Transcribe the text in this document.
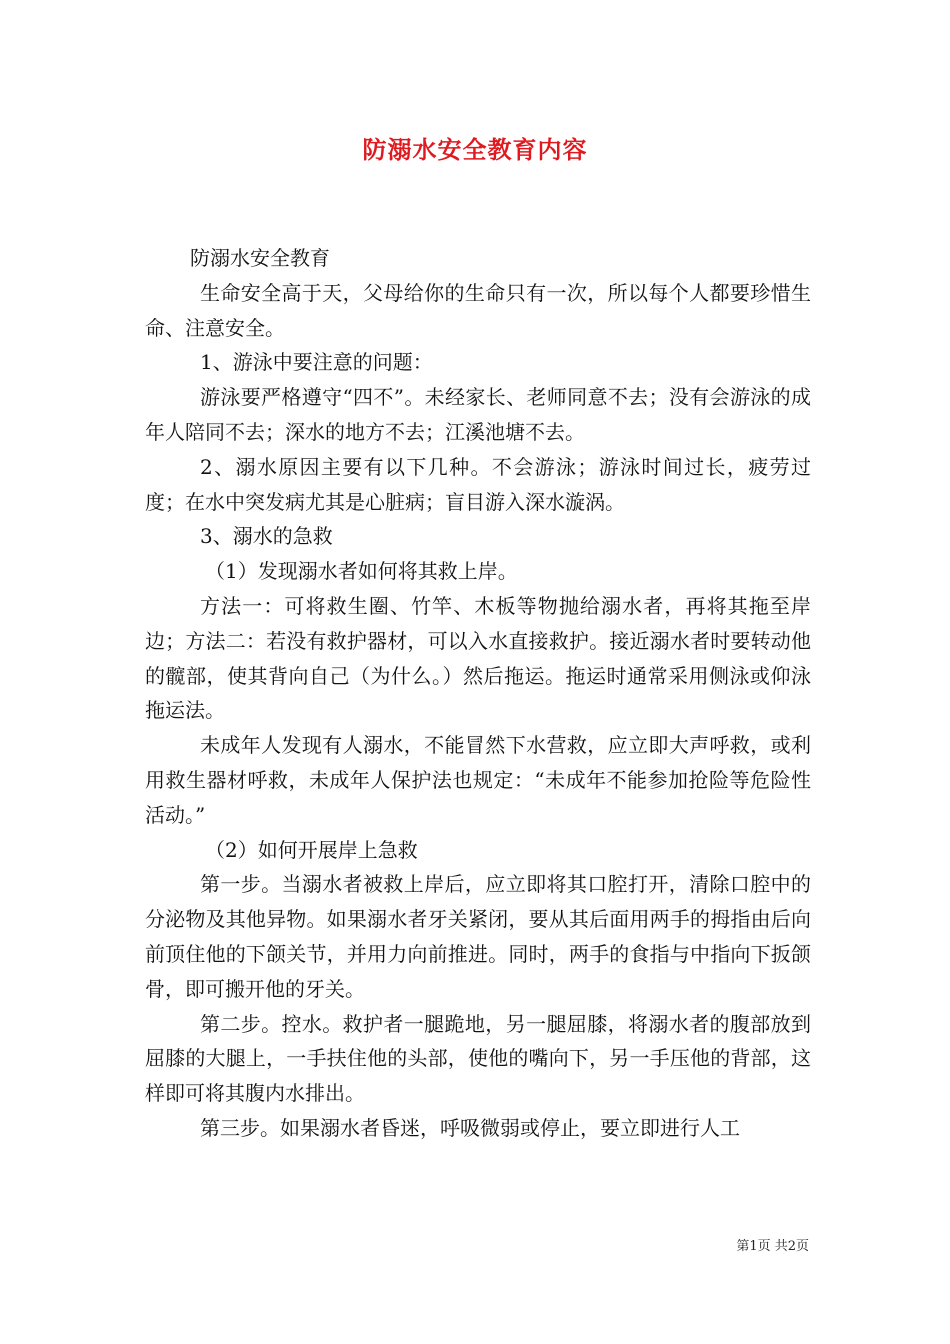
防溺水安全教育内容

防溺水安全教育

生命安全高于天，父母给你的生命只有一次，所以每个人都要珍惜生命、注意安全。

1、游泳中要注意的问题：

游泳要严格遵守“四不”。未经家长、老师同意不去；没有会游泳的成年人陪同不去；深水的地方不去；江溪池塘不去。

2、溺水原因主要有以下几种。不会游泳；游泳时间过长，疲劳过度；在水中突发病尤其是心脏病；盲目游入深水漩涡。

3、溺水的急救

（1）发现溺水者如何将其救上岸。

方法一：可将救生圈、竹竿、木板等物抛给溺水者，再将其拖至岸边；方法二：若没有救护器材，可以入水直接救护。接近溺水者时要转动他的髋部，使其背向自己（为什么。）然后拖运。拖运时通常采用侧泳或仰泳拖运法。

未成年人发现有人溺水，不能冒然下水营救，应立即大声呼救，或利用救生器材呼救，未成年人保护法也规定：“未成年不能参加抢险等危险性活动。”

（2）如何开展岸上急救

第一步。当溺水者被救上岸后，应立即将其口腔打开，清除口腔中的分泌物及其他异物。如果溺水者牙关紧闭，要从其后面用两手的拇指由后向前顶住他的下颌关节，并用力向前推进。同时，两手的食指与中指向下扳颌骨，即可搬开他的牙关。

第二步。控水。救护者一腿跪地，另一腿屈膝，将溺水者的腹部放到屈膝的大腿上，一手扶住他的头部，使他的嘴向下，另一手压他的背部，这样即可将其腹内水排出。

第三步。如果溺水者昏迷，呼吸微弱或停止，要立即进行人工

第1页 共2页
